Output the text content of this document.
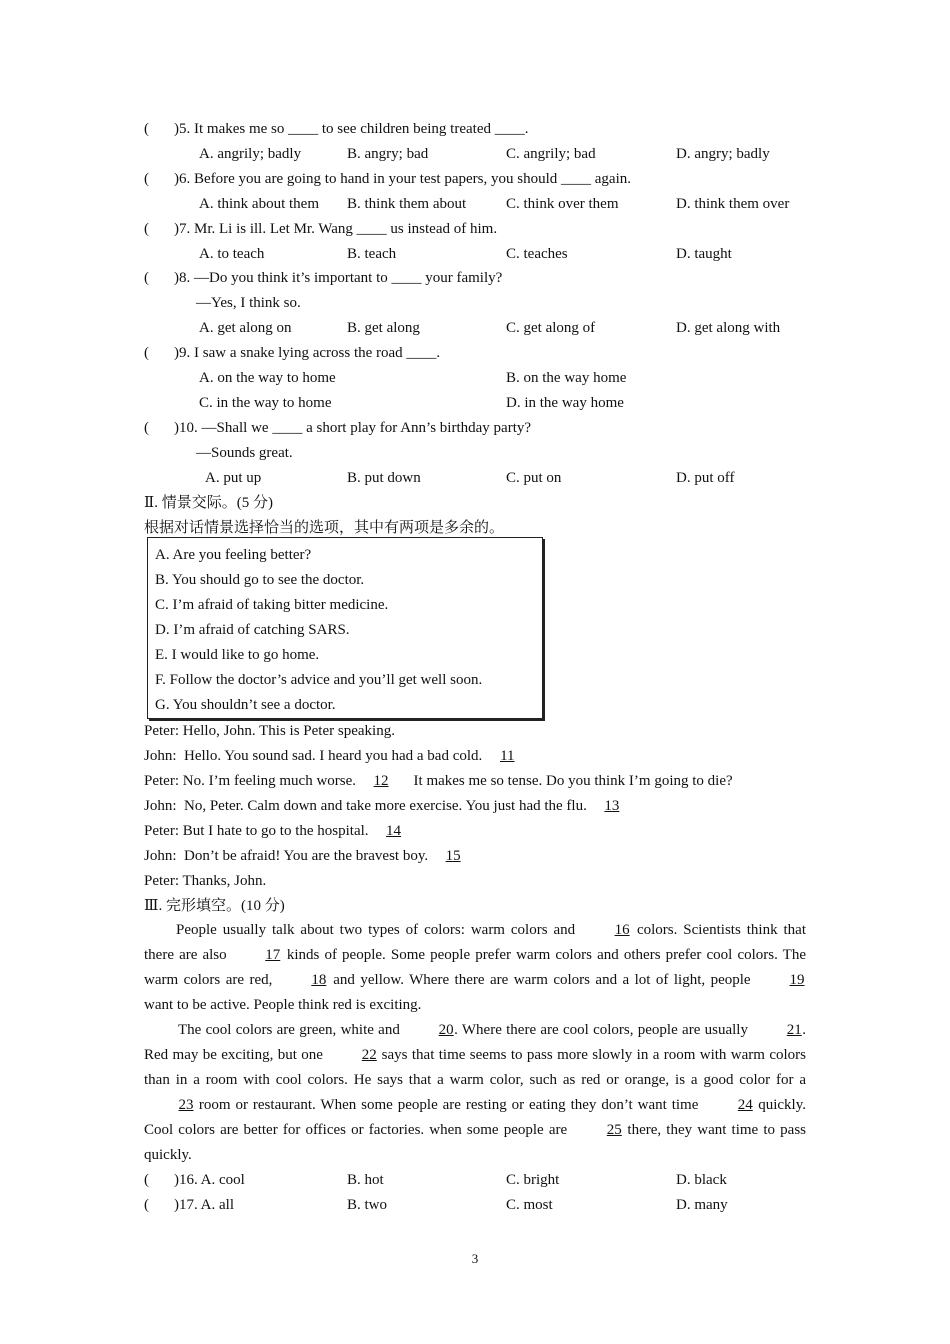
( )5. It makes me so ____ to see children being treated ____.
A. angrily; badly	B. angry; bad	C. angrily; bad	D. angry; badly
( )6. Before you are going to hand in your test papers, you should ____ again.
A. think about them B. think them about	C. think over them	D. think them over
( )7. Mr. Li is ill. Let Mr. Wang ____ us instead of him.
A. to teach	B. teach	C. teaches	D. taught
( )8. —Do you think it’s important to ____ your family?
—Yes, I think so.
A. get along on	B. get along	C. get along of	D. get along with
( )9. I saw a snake lying across the road ____.
A. on the way to home	B. on the way home
C. in the way to home	D. in the way home
( )10. —Shall we ____ a short play for Ann’s birthday party?
—Sounds great.
A. put up	B. put down	C. put on	D. put off
Ⅱ. 情景交际。(5 分)
根据对话情景选择恰当的选项，其中有两项是多余的。
A. Are you feeling better?
B. You should go to see the doctor.
C. I’m afraid of taking bitter medicine.
D. I’m afraid of catching SARS.
E. I would like to go home.
F. Follow the doctor’s advice and you’ll get well soon.
G. You shouldn’t see a doctor.
Peter: Hello, John. This is Peter speaking.
John:  Hello. You sound sad. I heard you had a bad cold. 11
Peter: No. I’m feeling much worse. 12  It makes me so tense. Do you think I’m going to die?
John:  No, Peter. Calm down and take more exercise. You just had the flu. 13
Peter: But I hate to go to the hospital. 14
John:  Don’t be afraid! You are the bravest boy. 15
Peter: Thanks, John.
Ⅲ. 完形填空。(10 分)
People usually talk about two types of colors: warm colors and 16 colors. Scientists think that there are also 17 kinds of people. Some people prefer warm colors and others prefer cool colors. The warm colors are red, 18 and yellow. Where there are warm colors and a lot of light, people 19 want to be active. People think red is exciting.
The cool colors are green, white and 20. Where there are cool colors, people are usually 21. Red may be exciting, but one 22 says that time seems to pass more slowly in a room with warm colors than in a room with cool colors. He says that a warm color, such as red or orange, is a good color for a 23 room or restaurant. When some people are resting or eating they don’t want time 24 quickly. Cool colors are better for offices or factories. when some people are 25 there, they want time to pass quickly.
( )16. A. cool	B. hot	C. bright	D. black
( )17. A. all	B. two	C. most	D. many
3
